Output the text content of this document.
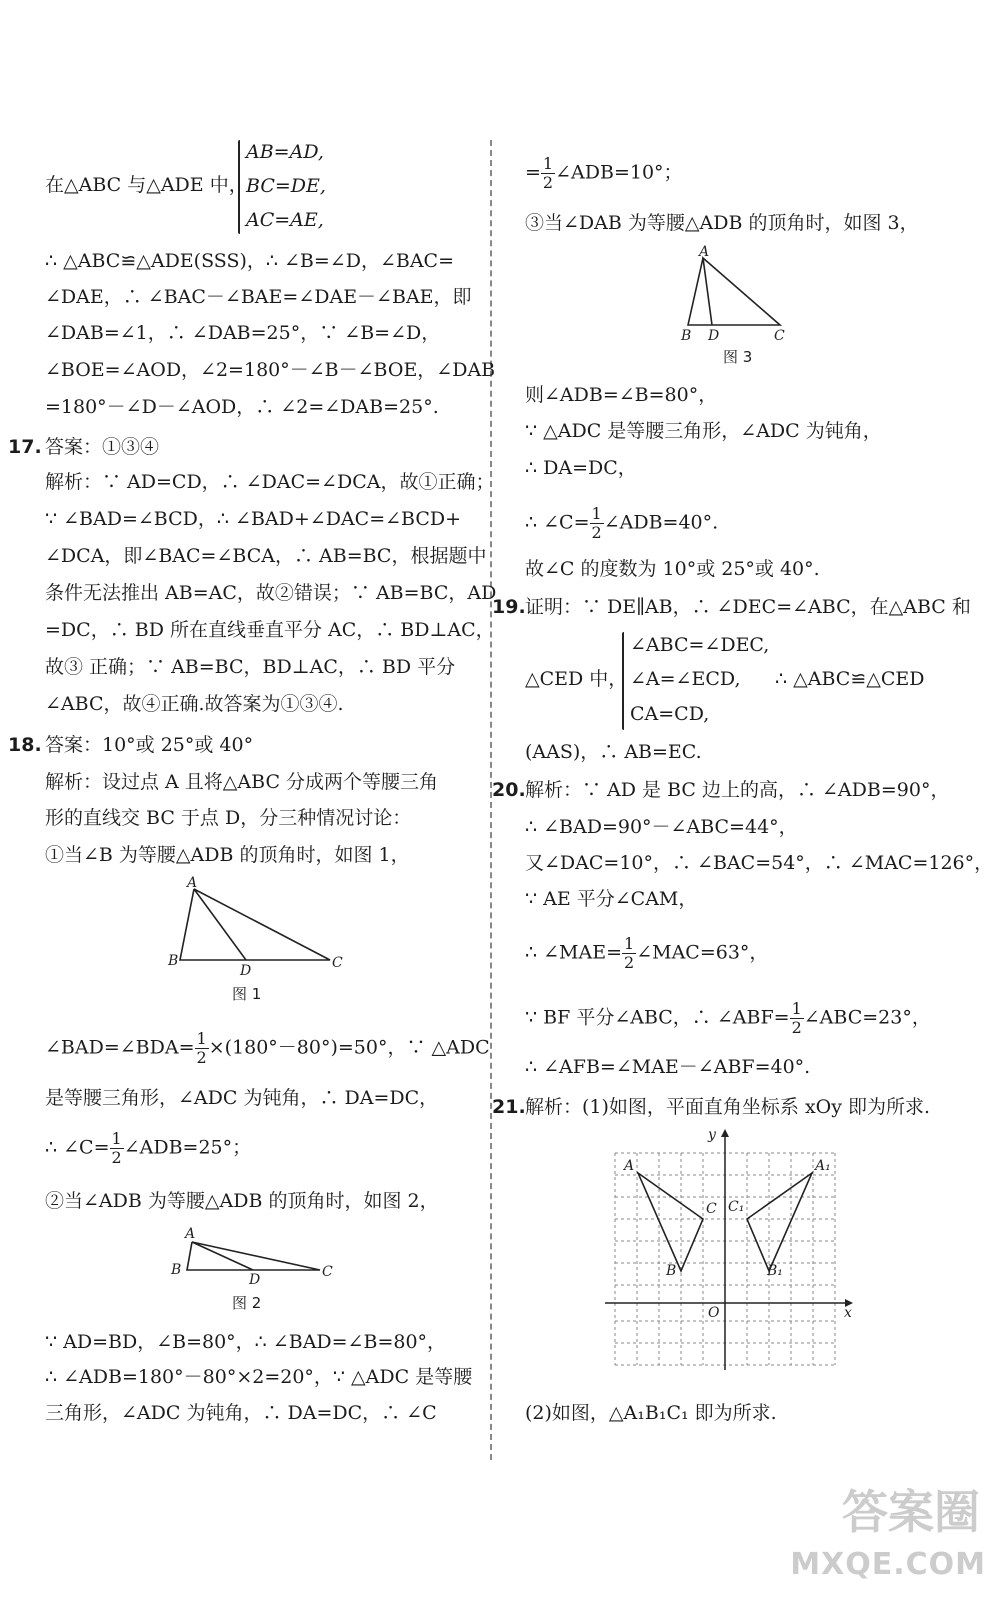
在△ABC 与△ADE 中，
AB=AD,
BC=DE,
AC=AE,
∴ △ABC≌△ADE(SSS)，∴ ∠B=∠D，∠BAC=
∠DAE，∴ ∠BAC－∠BAE=∠DAE－∠BAE，即
∠DAB=∠1，∴ ∠DAB=25°，∵ ∠B=∠D，
∠BOE=∠AOD，∠2=180°－∠B－∠BOE，∠DAB
=180°－∠D－∠AOD，∴ ∠2=∠DAB=25°.
17. 答案：①③④
解析：∵ AD=CD，∴ ∠DAC=∠DCA，故①正确；
∵ ∠BAD=∠BCD，∴ ∠BAD+∠DAC=∠BCD+
∠DCA，即∠BAC=∠BCA，∴ AB=BC，根据题中
条件无法推出 AB=AC，故②错误；∵ AB=BC，AD
=DC，∴ BD 所在直线垂直平分 AC，∴ BD⊥AC，
故③ 正确；∵ AB=BC，BD⊥AC，∴ BD 平分
∠ABC，故④正确.故答案为①③④.
18. 答案：10°或 25°或 40°
解析：设过点 A 且将△ABC 分成两个等腰三角
形的直线交 BC 于点 D，分三种情况讨论：
①当∠B 为等腰△ADB 的顶角时，如图 1，
A
B
D	C
图 1
∠BAD=∠BDA= $\frac{1}{2} \times(180^\circ-80^\circ)=50^\circ$，∵ △ADC
是等腰三角形，∠ADC 为钝角，∴ DA=DC，
∴ ∠C= $\frac{1}{2}$ ∠ADB=25°；
②当∠ADB 为等腰△ADB 的顶角时，如图 2，
A
B
D	C
图 2
∵ AD=BD，∠B=80°，∴ ∠BAD=∠B=80°，
∴ ∠ADB=180°－80°×2=20°，∵ △ADC 是等腰
三角形，∠ADC 为钝角，∴ DA=DC，∴ ∠C
= $\frac{1}{2}$ ∠ADB=10°；
③当∠DAB 为等腰△ADB 的顶角时，如图 3，
A
B D	C
图 3
则∠ADB=∠B=80°，
∵ △ADC 是等腰三角形，∠ADC 为钝角，
∴ DA=DC，
∴ ∠C= $\frac{1}{2}$ ∠ADB=40°.
故∠C 的度数为 10°或 25°或 40°.
19. 证明：∵ DE∥AB，∴ ∠DEC=∠ABC，在△ABC 和
△CED 中，
∠ABC=∠DEC,
∠A=∠ECD,
CA=CD,
∴ △ABC≌△CED
(AAS)，∴ AB=EC.
20. 解析：∵ AD 是 BC 边上的高，∴ ∠ADB=90°，
∴ ∠BAD=90°－∠ABC=44°，
又∠DAC=10°，∴ ∠BAC=54°，∴ ∠MAC=126°，
∵ AE 平分∠CAM，
∴ ∠MAE= $\frac{1}{2}$ ∠MAC=63°，
∵ BF 平分∠ABC，∴ ∠ABF= $\frac{1}{2}$ ∠ABC=23°，
∴ ∠AFB=∠MAE－∠ABF=40°.
21. 解析：(1)如图，平面直角坐标系 xOy 即为所求.
A
C
B
A₁
C₁
B₁
O	x
y
(2)如图，△A₁B₁C₁ 即为所求.
答案圈
MXQE.COM
